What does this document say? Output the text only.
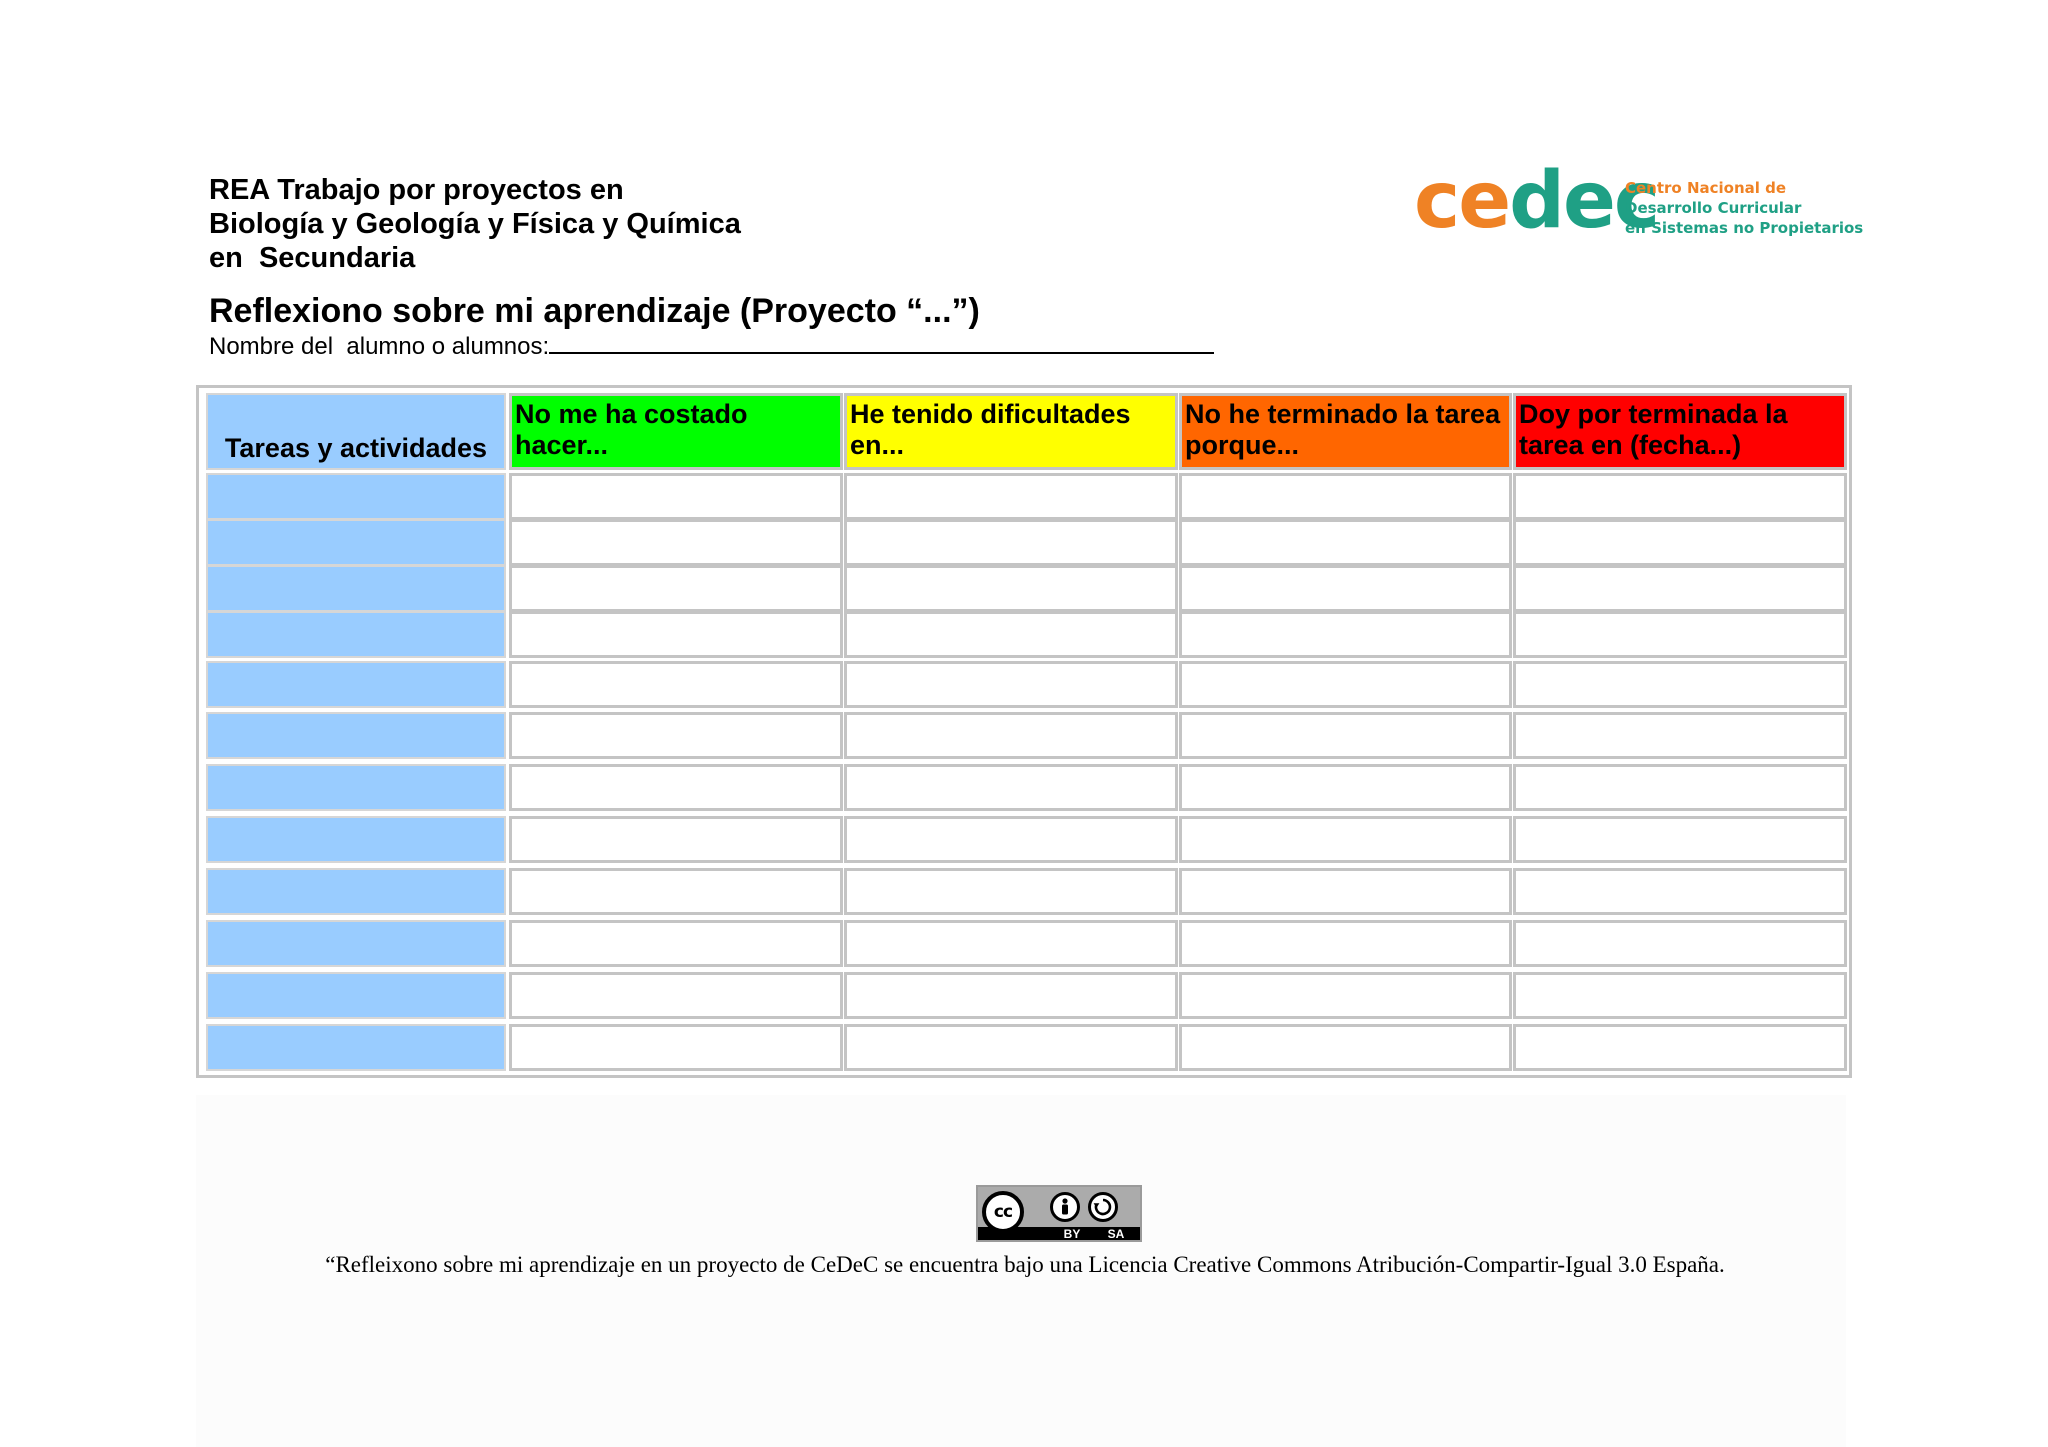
REA Trabajo por proyectos en
Biología y Geología y Física y Química
en  Secundaria
cedec
Centro Nacional de
Desarrollo Curricular
en Sistemas no Propietarios
Reflexiono sobre mi aprendizaje (Proyecto “...”)
Nombre del  alumno o alumnos:
Tareas y actividades
No me ha costado hacer...
He tenido dificultades en...
No he terminado la tarea porque...
Doy por terminada la tarea en (fecha...)
cc
BY SA

“Refleixono sobre mi aprendizaje en un proyecto de CeDeC se encuentra bajo una Licencia Creative Commons Atribución-Compartir-Igual 3.0 España.
